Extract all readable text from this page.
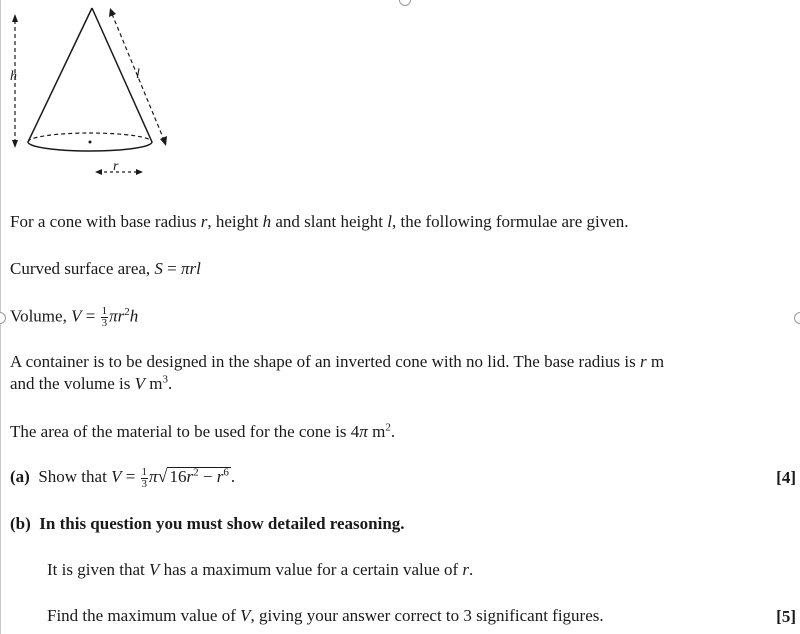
h	l
r
For a cone with base radius r, height h and slant height l, the following formulae are given.
Curved surface area, S = πrl
Volume, $V = \frac{1}{3} \pi r^2h$
A container is to be designed in the shape of an inverted cone with no lid. The base radius is r m
and the volume is V $m^3$.
The area of the material to be used for the cone is 4π $m^2$.
(a) Show that $V = \frac{1}{3} \pi√$ $16r^2 - r^6$ .	[4]
(b) In this question you must show detailed reasoning.
It is given that V has a maximum value for a certain value of r.
Find the maximum value of V, giving your answer correct to 3 significant figures.	[5]
